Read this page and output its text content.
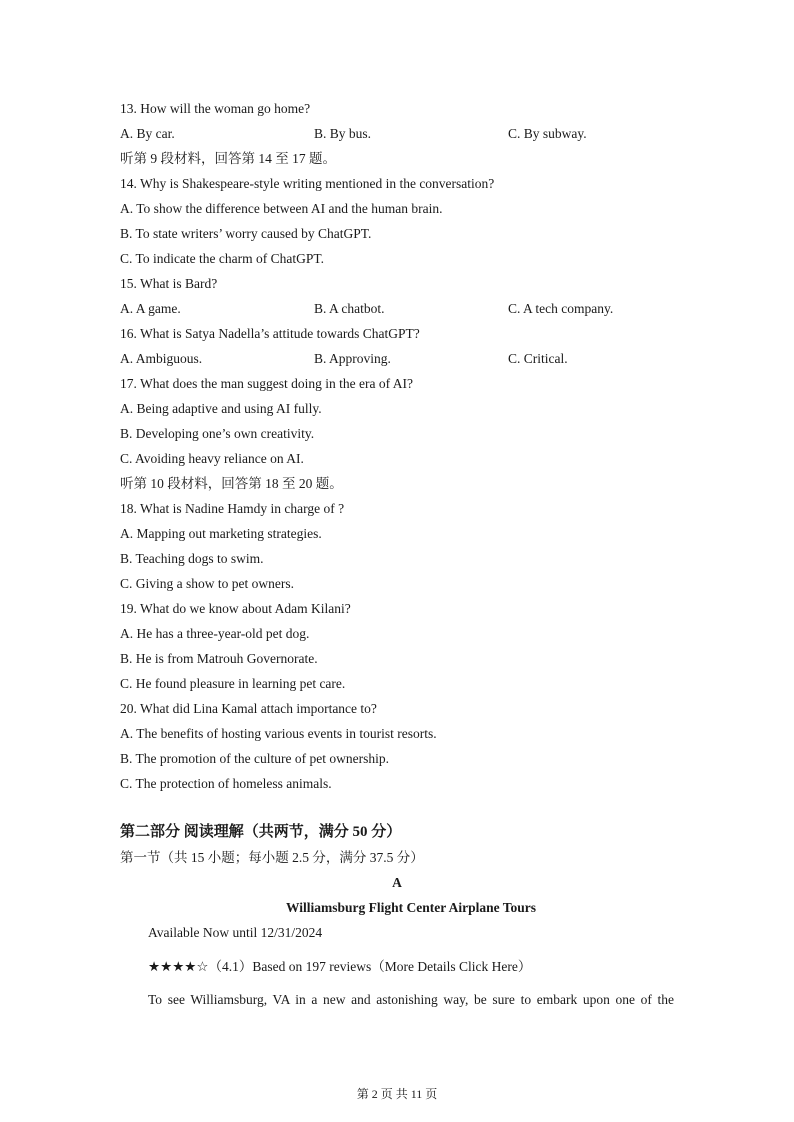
13. How will the woman go home?
A. By car.	B. By bus.	C. By subway.
听第 9 段材料，回答第 14 至 17 题。
14. Why is Shakespeare-style writing mentioned in the conversation?
A. To show the difference between AI and the human brain.
B. To state writers’ worry caused by ChatGPT.
C. To indicate the charm of ChatGPT.
15. What is Bard?
A. A game.	B. A chatbot.	C. A tech company.
16. What is Satya Nadella’s attitude towards ChatGPT?
A. Ambiguous.	B. Approving.	C. Critical.
17. What does the man suggest doing in the era of AI?
A. Being adaptive and using AI fully.
B. Developing one’s own creativity.
C. Avoiding heavy reliance on AI.
听第 10 段材料，回答第 18 至 20 题。
18. What is Nadine Hamdy in charge of ?
A. Mapping out marketing strategies.
B. Teaching dogs to swim.
C. Giving a show to pet owners.
19. What do we know about Adam Kilani?
A. He has a three-year-old pet dog.
B. He is from Matrouh Governorate.
C. He found pleasure in learning pet care.
20. What did Lina Kamal attach importance to?
A. The benefits of hosting various events in tourist resorts.
B. The promotion of the culture of pet ownership.
C. The protection of homeless animals.
第二部分 阅读理解（共两节，满分 50 分）
第一节（共 15 小题；每小题 2.5 分，满分 37.5 分）
A
Williamsburg Flight Center Airplane Tours
Available Now until 12/31/2024
★★★★☆（4.1）Based on 197 reviews（More Details Click Here）
To see Williamsburg, VA in a new and astonishing way, be sure to embark upon one of the
第 2 页 共 11 页
